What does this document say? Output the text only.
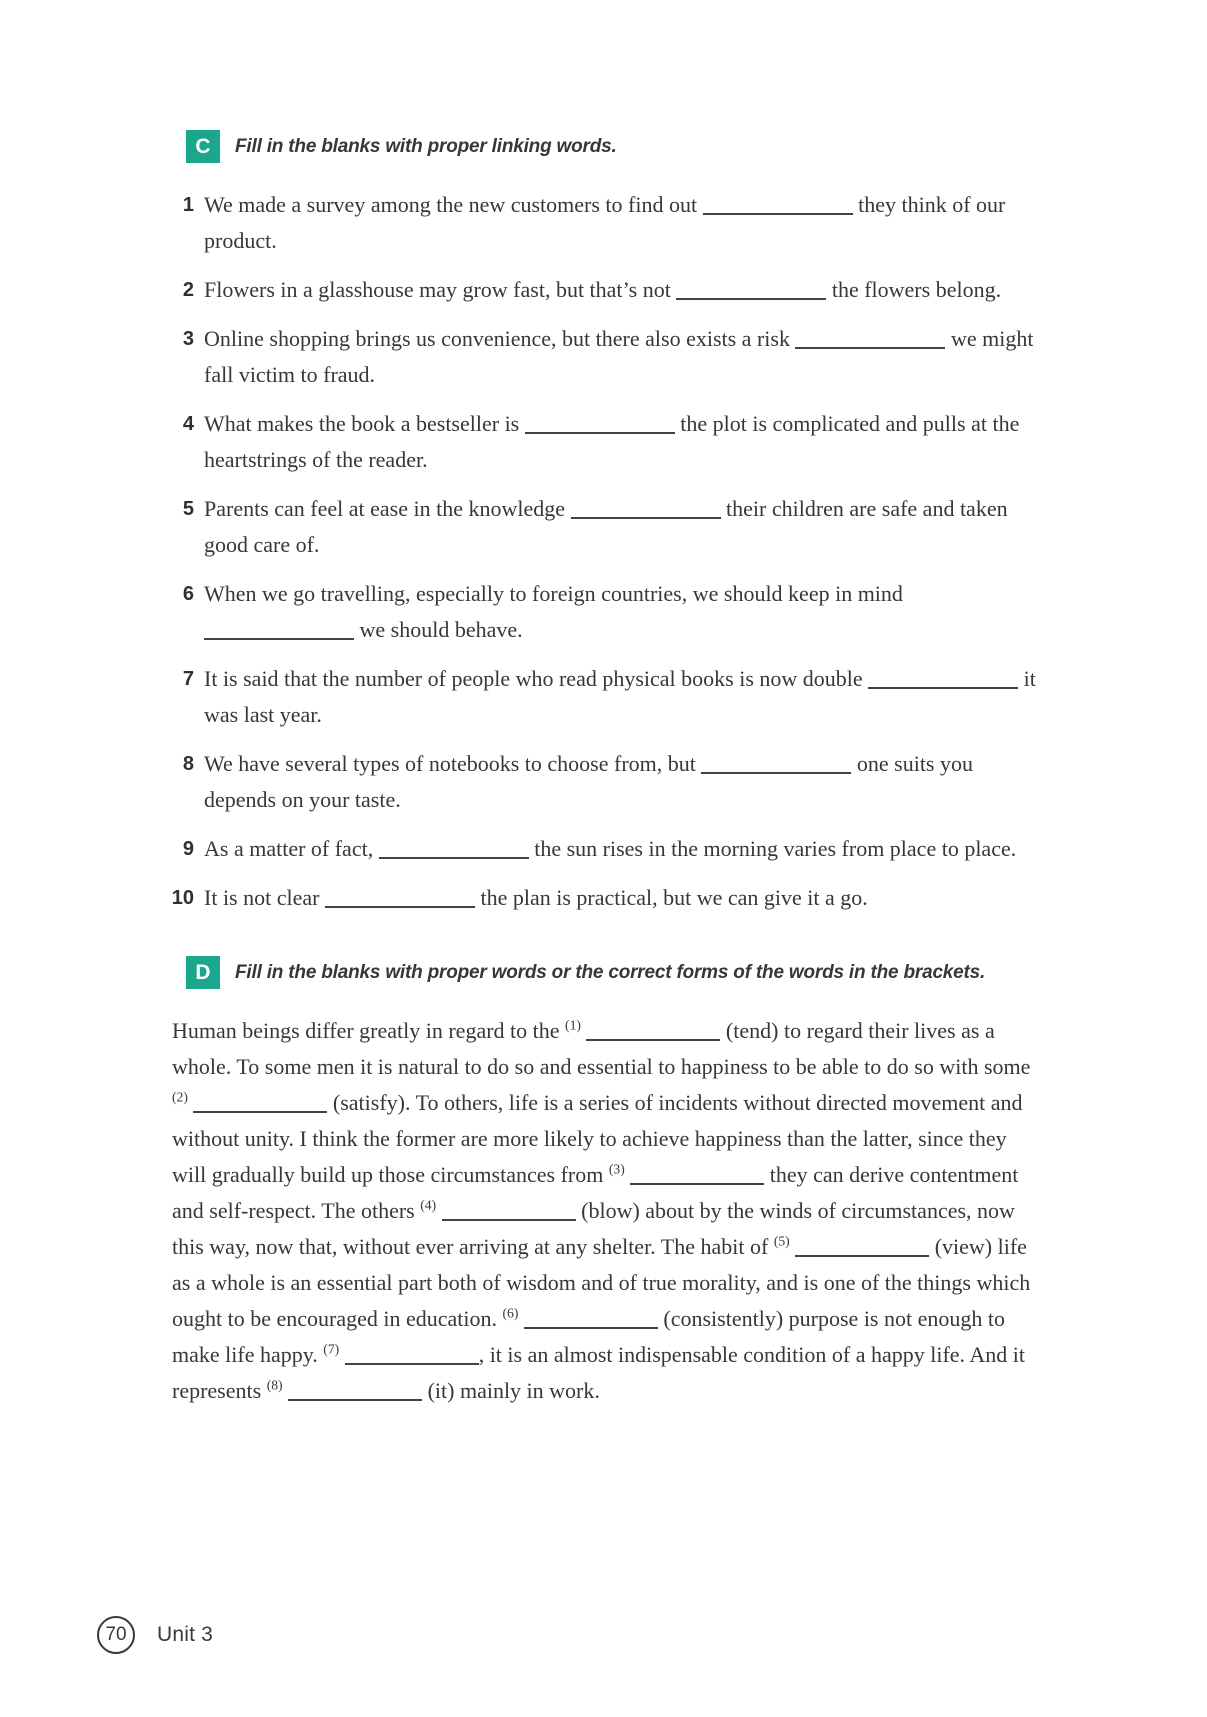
C	Fill in the blanks with proper linking words.
1 We made a survey among the new customers to find out	they think of our product.
2 Flowers in a glasshouse may grow fast, but that’s not	the flowers belong.
3 Online shopping brings us convenience, but there also exists a risk	we might fall victim to fraud.
4 What makes the book a bestseller is	the plot is complicated and pulls at the heartstrings of the reader.
5 Parents can feel at ease in the knowledge	their children are safe and taken good care of.
6 When we go travelling, especially to foreign countries, we should keep in mind  we should behave.
7 It is said that the number of people who read physical books is now double	it was last year.
8 We have several types of notebooks to choose from, but	one suits you depends on your taste.
9 As a matter of fact,	the sun rises in the morning varies from place to place.
10 It is not clear	the plan is practical, but we can give it a go.
D	Fill in the blanks with proper words or the correct forms of the words in the brackets.

Human beings differ greatly in regard to the $^{(1)}$	(tend) to regard their lives as a whole. To some men it is natural to do so and essential to happiness to be able to do so with some $^{(2)}$	(satisfy). To others, life is a series of incidents without directed movement and without unity. I think the former are more likely to achieve happiness than the latter, since they will gradually build up those circumstances from $^{(3)}$	they can derive contentment and self-respect. The others $^{(4)}$	(blow) about by the winds of circumstances, now this way, now that, without ever arriving at any shelter. The habit of $^{(5)}$	(view) life as a whole is an essential part both of wisdom and of true morality, and is one of the things which ought to be encouraged in education. $^{(6)}$	(consistently) purpose is not enough to make life happy. $^{(7)}$	, it is an almost indispensable condition of a happy life. And it represents $^{(8)}$	(it) mainly in work.

70 Unit 3
